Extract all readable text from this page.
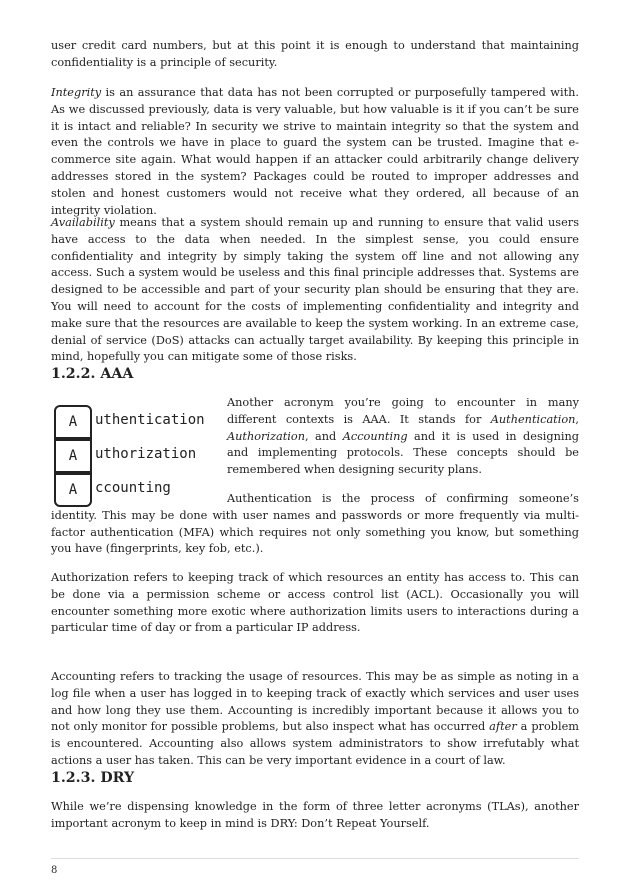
user credit card numbers, but at this point it is enough to understand that maintaining confidentiality is a principle of security.

Integrity is an assurance that data has not been corrupted or purposefully tampered with. As we discussed previously, data is very valuable, but how valuable is it if you can’t be sure it is intact and reliable? In security we strive to maintain integrity so that the system and even the controls we have in place to guard the system can be trusted. Imagine that e-commerce site again. What would happen if an attacker could arbitrarily change delivery addresses stored in the system? Packages could be routed to improper addresses and stolen and honest customers would not receive what they ordered, all because of an integrity violation.

Availability means that a system should remain up and running to ensure that valid users have access to the data when needed. In the simplest sense, you could ensure confidentiality and integrity by simply taking the system off line and not allowing any access. Such a system would be useless and this final principle addresses that. Systems are designed to be accessible and part of your security plan should be ensuring that they are. You will need to account for the costs of implementing confidentiality and integrity and make sure that the resources are available to keep the system working. In an extreme case, denial of service (DoS) attacks can actually target availability. By keeping this principle in mind, hopefully you can mitigate some of those risks.

1.2.2. AAA
A	uthentication
A	uthorization
A	ccounting

Another acronym you’re going to encounter in many different contexts is AAA. It stands for Authentication, Authorization, and Accounting and it is used in designing and implementing protocols. These concepts should be remembered when designing security plans.

Authentication is the process of confirming someone’s identity. This may be done with user names and passwords or more frequently via multi-factor authentication (MFA) which requires not only something you know, but something you have (fingerprints, key fob, etc.).

Authorization refers to keeping track of which resources an entity has access to. This can be done via a permission scheme or access control list (ACL). Occasionally you will encounter something more exotic where authorization limits users to interactions during a particular time of day or from a particular IP address.

Accounting refers to tracking the usage of resources. This may be as simple as noting in a log file when a user has logged in to keeping track of exactly which services and user uses and how long they use them. Accounting is incredibly important because it allows you to not only monitor for possible problems, but also inspect what has occurred after a problem is encountered. Accounting also allows system administrators to show irrefutably what actions a user has taken. This can be very important evidence in a court of law.

1.2.3. DRY

While we’re dispensing knowledge in the form of three letter acronyms (TLAs), another important acronym to keep in mind is DRY: Don’t Repeat Yourself.

8
